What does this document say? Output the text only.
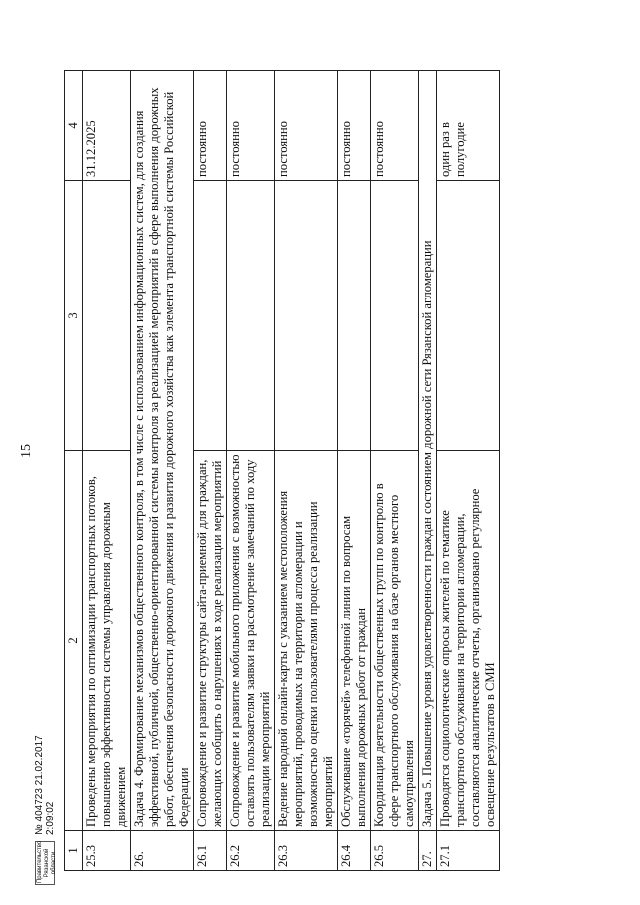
15
1	2	3	4
25.3	Проведены мероприятия по оптимизации транспортных потоков, повышению эффективности системы управления дорожным движением		31.12.2025
26.	Задача 4. Формирование механизмов общественного контроля, в том числе с использованием информационных систем, для создания эффективной, публичной, общественно-ориентированной системы контроля за реализацией мероприятий в сфере выполнения дорожных работ, обеспечения безопасности дорожного движения и развития дорожного хозяйства как элемента транспортной системы Российской Федерации		
26.1	Сопровождение и развитие структуры сайта-приемной для граждан, желающих сообщить о нарушениях в ходе реализации мероприятий		постоянно
26.2	Сопровождение и развитие мобильного приложения с возможностью оставлять пользователям заявки на рассмотрение замечаний по ходу реализации мероприятий		постоянно
26.3	Ведение народной онлайн-карты с указанием местоположения мероприятий, проводимых на территории агломерации и возможностью оценки пользователями процесса реализации мероприятий		постоянно
26.4	Обслуживание «горячей» телефонной линии по вопросам выполнения дорожных работ от граждан		постоянно
26.5	Координация деятельности общественных групп по контролю в сфере транспортного обслуживания на базе органов местного самоуправления		постоянно
27.	Задача 5. Повышение уровня удовлетворенности граждан состоянием дорожной сети Рязанской агломерации		
27.1	Проводятся социологические опросы жителей по тематике транспортного обслуживания на территории агломерации, составляются аналитические отчеты, организовано регулярное освещение результатов в СМИ		один раз в полугодие
Правительство Рязанской области
№ 404723 21.02.2017 2:09:02
